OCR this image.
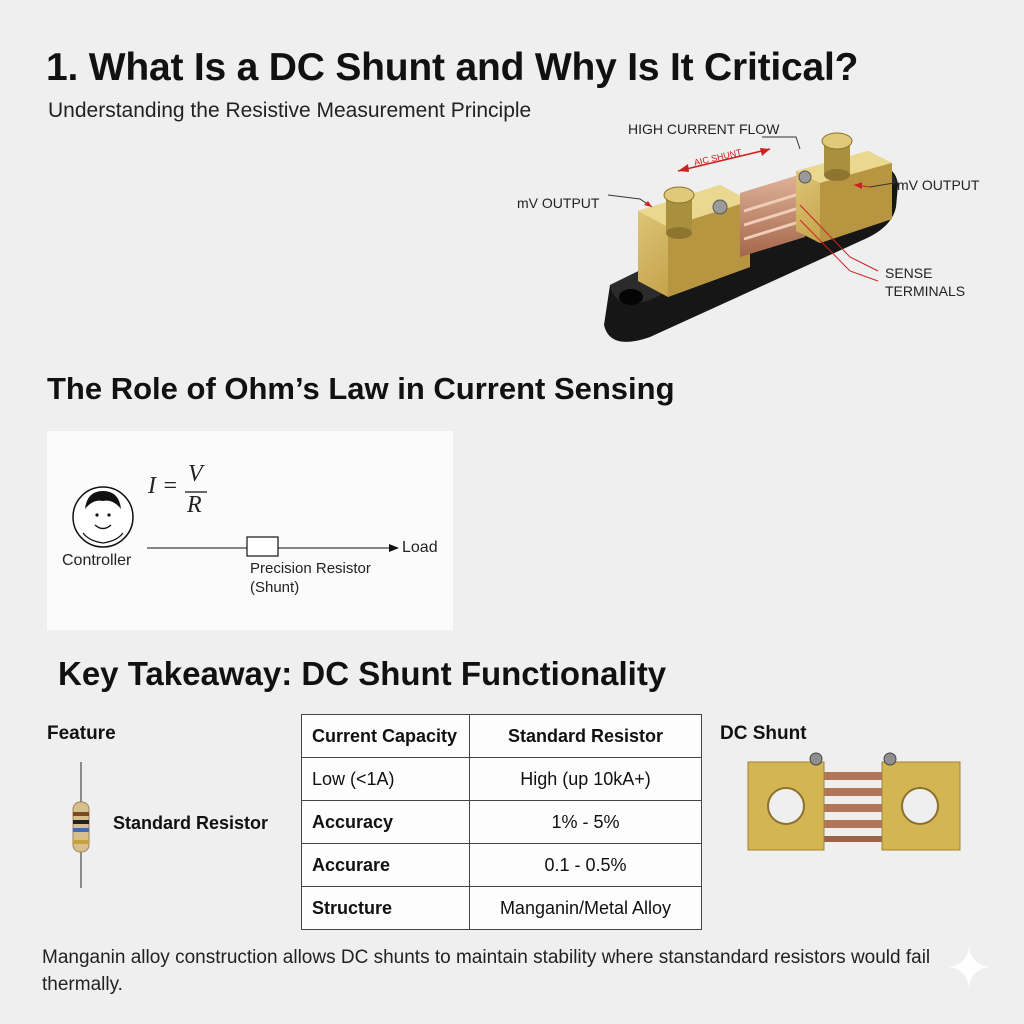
1. What Is a DC Shunt and Why Is It Critical?
Understanding the Resistive Measurement Principle
HIGH CURRENT FLOW
AIC SHUNT
mV OUTPUT
mV OUTPUT
SENSE
TERMINALS
The Role of Ohm’s Law in Current Sensing
I = V
R
Controller
Load
Precision Resistor
(Shunt)
Key Takeaway: DC Shunt Functionality
Feature
Standard Resistor
Current Capacity	Standard Resistor
Low (<1A)	High (up 10kA+)
Accuracy	1% - 5%
Accurare	0.1 - 0.5%
Structure	Manganin/Metal Alloy
DC Shunt
Manganin alloy construction allows DC shunts to maintain stability where stanstandard resistors would fail thermally.
